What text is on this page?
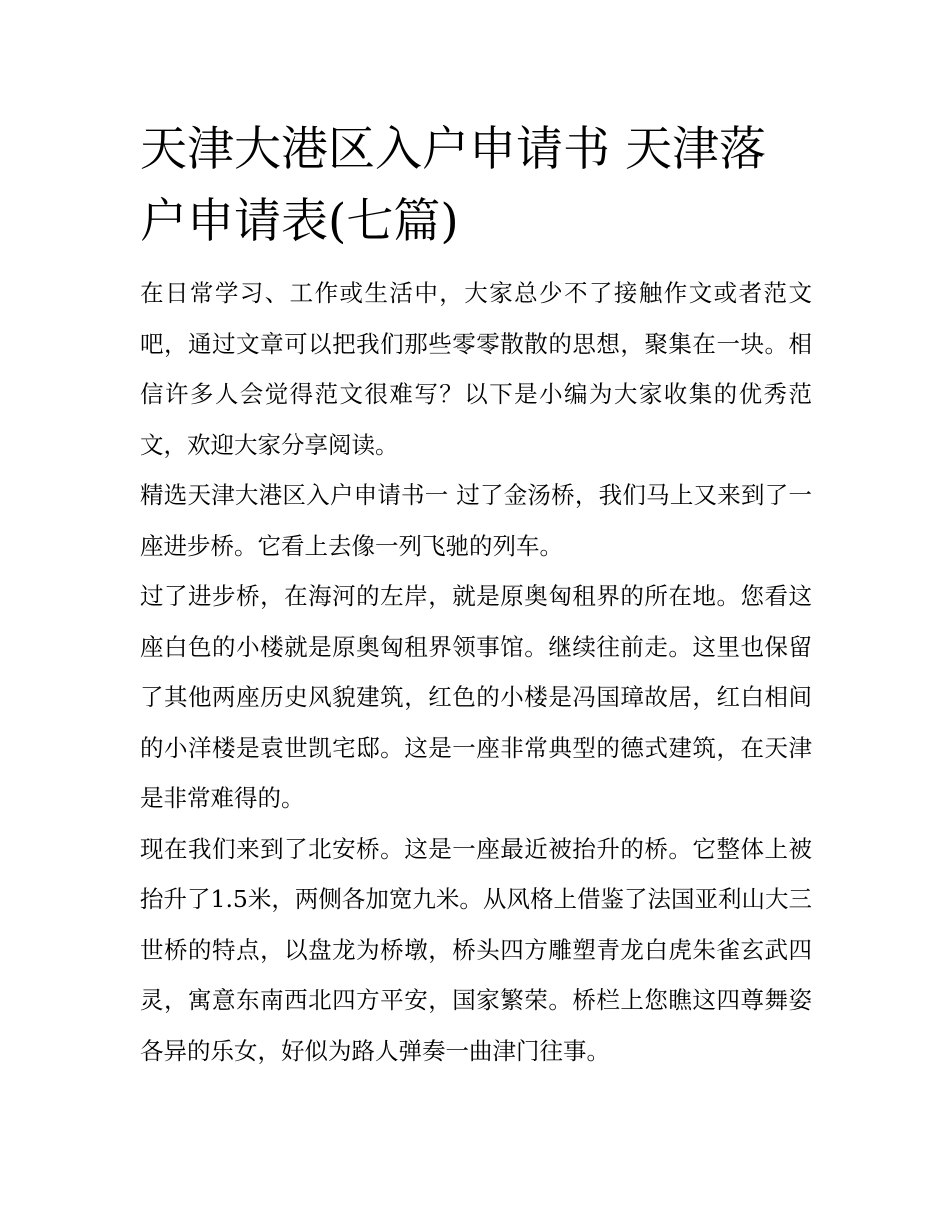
天津大港区入户申请书 天津落户申请表(七篇)

在日常学习、工作或生活中，大家总少不了接触作文或者范文吧，通过文章可以把我们那些零零散散的思想，聚集在一块。相信许多人会觉得范文很难写？以下是小编为大家收集的优秀范文，欢迎大家分享阅读。

精选天津大港区入户申请书一 过了金汤桥，我们马上又来到了一座进步桥。它看上去像一列飞驰的列车。

过了进步桥，在海河的左岸，就是原奥匈租界的所在地。您看这座白色的小楼就是原奥匈租界领事馆。继续往前走。这里也保留了其他两座历史风貌建筑，红色的小楼是冯国璋故居，红白相间的小洋楼是袁世凯宅邸。这是一座非常典型的德式建筑，在天津是非常难得的。

现在我们来到了北安桥。这是一座最近被抬升的桥。它整体上被抬升了1.5米，两侧各加宽九米。从风格上借鉴了法国亚利山大三世桥的特点，以盘龙为桥墩，桥头四方雕塑青龙白虎朱雀玄武四灵，寓意东南西北四方平安，国家繁荣。桥栏上您瞧这四尊舞姿各异的乐女，好似为路人弹奏一曲津门往事。
